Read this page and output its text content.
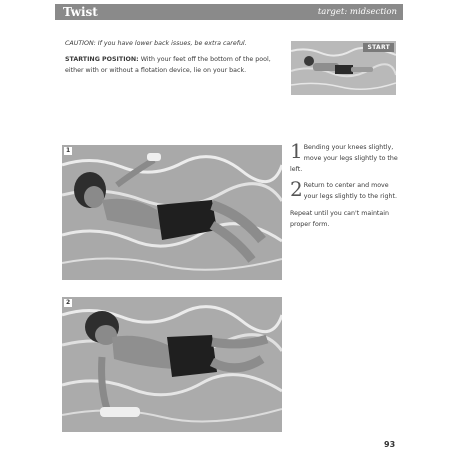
Twist	target: midsection
CAUTION: If you have lower back issues, be extra careful.
STARTING POSITION: With your feet off the bottom of the pool, either with or without a flotation device, lie on your back.
START
1
2
1 Bending your knees slightly, move your legs slightly to the left.
2 Return to center and move your legs slightly to the right.
Repeat until you can't maintain proper form.
93
